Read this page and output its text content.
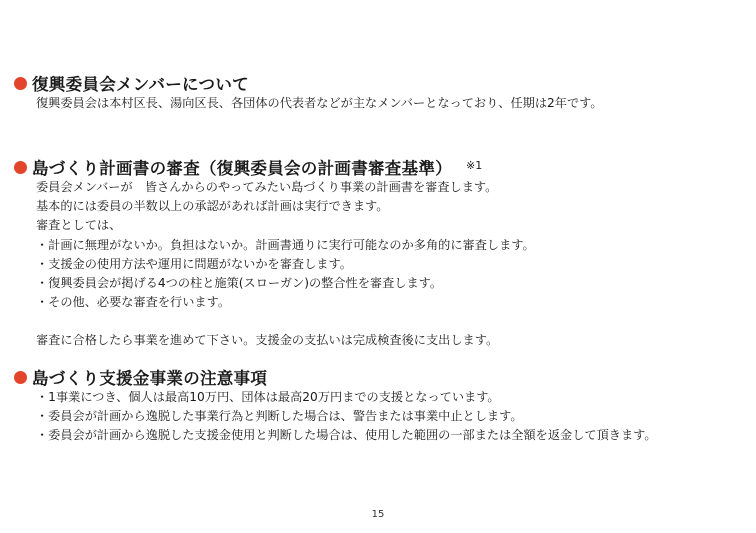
復興委員会メンバーについて
復興委員会は本村区長、湯向区長、各団体の代表者などが主なメンバーとなっており、任期は2年です。
島づくり計画書の審査（復興委員会の計画書審査基準） ※1
委員会メンバーが　皆さんからのやってみたい島づくり事業の計画書を審査します。
基本的には委員の半数以上の承認があれば計画は実行できます。
審査としては、
・計画に無理がないか。負担はないか。計画書通りに実行可能なのか多角的に審査します。
・支援金の使用方法や運用に問題がないかを審査します。
・復興委員会が掲げる4つの柱と施策(スローガン)の整合性を審査します。
・その他、必要な審査を行います。
審査に合格したら事業を進めて下さい。支援金の支払いは完成検査後に支出します。
島づくり支援金事業の注意事項
・1事業につき、個人は最高10万円、団体は最高20万円までの支援となっています。
・委員会が計画から逸脱した事業行為と判断した場合は、警告または事業中止とします。
・委員会が計画から逸脱した支援金使用と判断した場合は、使用した範囲の一部または全額を返金して頂きます。
15
